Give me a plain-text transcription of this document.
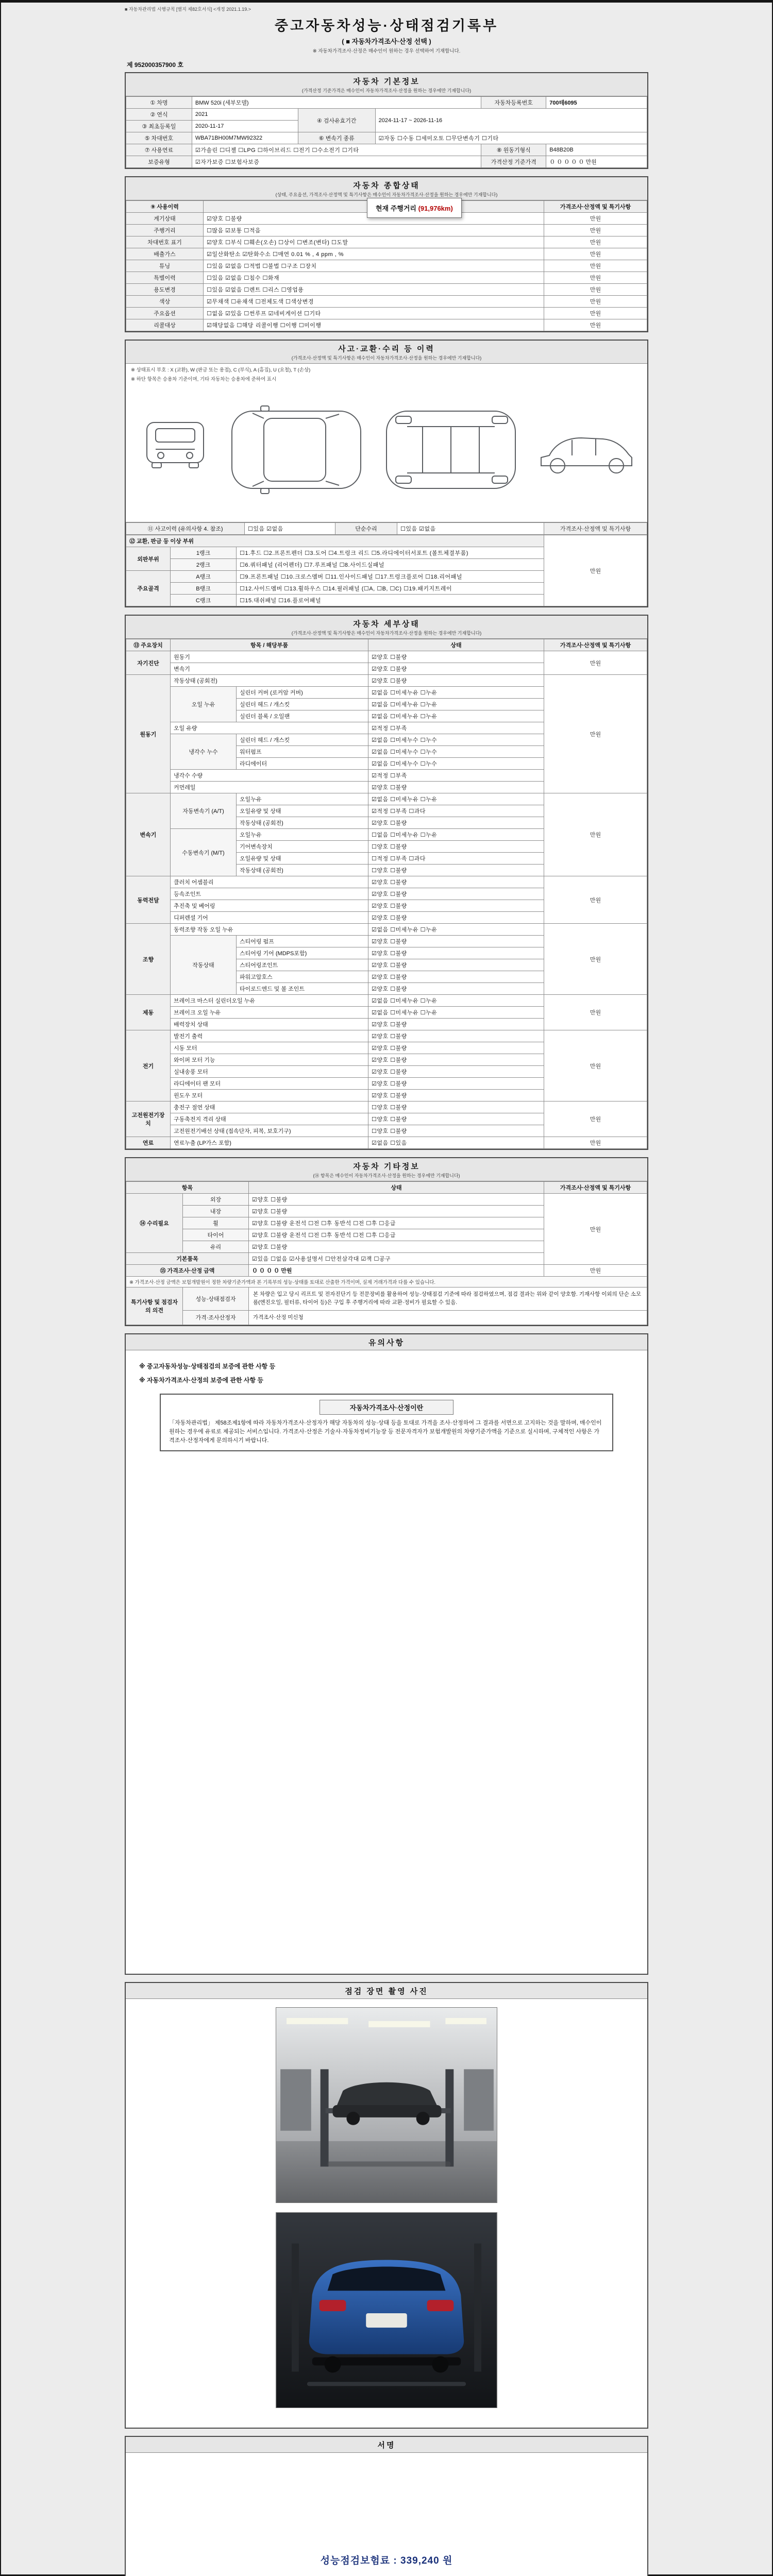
■ 자동차관리법 시행규칙 [별지 제82호서식] <개정 2021.1.19.>
중고자동차성능·상태점검기록부
( ■ 자동차가격조사·산정 선택 )
※ 자동차가격조사·산정은 매수인이 원하는 경우 선택하여 기재합니다.
제 952000357900 호
자동차 기본정보
(가격산정 기준가격은 매수인이 자동차가격조사·산정을 원하는 경우에만 기재합니다)
① 차명	BMW 520i (세부모델)			자동차등록번호	700테6095
② 연식	2021	④ 검사유효기간	2024-11-17 ~ 2026-11-16		
③ 최초등록일	2020-11-17				
⑤ 차대번호	WBA71BH00M7MW92322	⑥ 변속기 종류	☑자동 ☐수동 ☐세미오토 ☐무단변속기 ☐기타		
⑦ 사용연료	☑가솔린 ☐디젤 ☐LPG ☐하이브리드 ☐전기 ☐수소전기 ☐기타			⑧ 원동기형식	B48B20B
보증유형	☑자가보증 ☐보험사보증			가격산정 기준가격	０ ０ ０ ０ ０ 만원
자동차 종합상태
(상태, 주요옵션, 가격조사·산정액 및 특기사항은 매수인이 자동차가격조사·산정을 원하는 경우에만 기재합니다)
현재 주행거리 (91,976km)
⑨ 사용이력		가격조사·산정액 및 특기사항
계기상태	☑양호 ☐불량	만원
주행거리	☐많음 ☑보통 ☐적음	만원
차대번호 표기	☑양호 ☐부식 ☐훼손(오손) ☐상이 ☐변조(변타) ☐도말	만원
배출가스	☑일산화탄소 ☑탄화수소 ☐매연 0.01 % , 4 ppm , %	만원
튜닝	☐있음 ☑없음 ☐적법 ☐불법 ☐구조 ☐장치	만원
특별이력	☐있음 ☑없음 ☐침수 ☐화재	만원
용도변경	☐있음 ☑없음 ☐렌트 ☐리스 ☐영업용	만원
색상	☑무채색 ☐유채색 ☐전체도색 ☐색상변경	만원
주요옵션	☐없음 ☑있음 ☐썬루프 ☑네비게이션 ☐기타	만원
리콜대상	☑해당없음 ☐해당 리콜이행 ☐이행 ☐미이행	만원
사고·교환·수리 등 이력
(가격조사·산정액 및 특기사항은 매수인이 자동차가격조사·산정을 원하는 경우에만 기재합니다)
※ 상태표시 부호 : X (교환), W (판금 또는 용접), C (부식), A (흠집), U (요철), T (손상)
※ 하단 항목은 승용차 기준이며, 기타 자동차는 승용차에 준하여 표시
⑪ 사고이력 (유의사항 4. 참조)	☐있음 ☑없음	단순수리	☐있음 ☑없음	가격조사·산정액 및 특기사항
⑫ 교환, 판금 등 이상 부위			만원
외판부위	1랭크	☐1.후드 ☐2.프론트펜더 ☐3.도어 ☐4.트렁크 리드 ☐5.라디에이터서포트 (볼트체결부품)	
	2랭크	☐6.쿼터패널 (리어펜더) ☐7.루프패널 ☐8.사이드실패널	
주요골격	A랭크	☐9.프론트패널 ☐10.크로스멤버 ☐11.인사이드패널 ☐17.트렁크플로어 ☐18.리어패널	
	B랭크	☐12.사이드멤버 ☐13.휠하우스 ☐14.필러패널 (☐A, ☐B, ☐C) ☐19.패키지트레이	
	C랭크	☐15.대쉬패널 ☐16.플로어패널	
자동차 세부상태
(가격조사·산정액 및 특기사항은 매수인이 자동차가격조사·산정을 원하는 경우에만 기재합니다)
⑬ 주요장치	항목 / 해당부품		상태	가격조사·산정액 및 특기사항
자기진단	원동기		☑양호 ☐불량	만원
	변속기		☑양호 ☐불량	
원동기	작동상태 (공회전)		☑양호 ☐불량	만원
	오일 누유	실린더 커버 (로커암 커버)	☑없음 ☐미세누유 ☐누유	
		실린더 헤드 / 개스킷	☑없음 ☐미세누유 ☐누유	
		실린더 블록 / 오일팬	☑없음 ☐미세누유 ☐누유	
	오일 유량		☑적정 ☐부족	
	냉각수 누수	실린더 헤드 / 개스킷	☑없음 ☐미세누수 ☐누수	
		워터펌프	☑없음 ☐미세누수 ☐누수	
		라디에이터	☑없음 ☐미세누수 ☐누수	
	냉각수 수량		☑적정 ☐부족	
	커먼레일		☑양호 ☐불량	
변속기	자동변속기 (A/T)	오일누유	☑없음 ☐미세누유 ☐누유	만원
		오일유량 및 상태	☑적정 ☐부족 ☐과다	
		작동상태 (공회전)	☑양호 ☐불량	
	수동변속기 (M/T)	오일누유	☐없음 ☐미세누유 ☐누유	
		기어변속장치	☐양호 ☐불량	
		오일유량 및 상태	☐적정 ☐부족 ☐과다	
		작동상태 (공회전)	☐양호 ☐불량	
동력전달	클러치 어셈블리		☑양호 ☐불량	만원
	등속조인트		☑양호 ☐불량	
	추진축 및 베어링		☑양호 ☐불량	
	디퍼렌셜 기어		☑양호 ☐불량	
조향	동력조향 작동 오일 누유		☑없음 ☐미세누유 ☐누유	만원
	작동상태	스티어링 펌프	☑양호 ☐불량	
		스티어링 기어 (MDPS포함)	☑양호 ☐불량	
		스티어링조인트	☑양호 ☐불량	
		파워고압호스	☑양호 ☐불량	
		타이로드엔드 및 볼 조인트	☑양호 ☐불량	
제동	브레이크 마스터 실린더오일 누유		☑없음 ☐미세누유 ☐누유	만원
	브레이크 오일 누유		☑없음 ☐미세누유 ☐누유	
	배력장치 상태		☑양호 ☐불량	
전기	발전기 출력		☑양호 ☐불량	만원
	시동 모터		☑양호 ☐불량	
	와이퍼 모터 기능		☑양호 ☐불량	
	실내송풍 모터		☑양호 ☐불량	
	라디에이터 팬 모터		☑양호 ☐불량	
	윈도우 모터		☑양호 ☐불량	
고전원전기장치	충전구 절연 상태		☐양호 ☐불량	만원
	구동축전지 격리 상태		☐양호 ☐불량	
	고전원전기배선 상태 (접속단자, 피복, 보호기구)		☐양호 ☐불량	
연료	연료누출 (LP가스 포함)		☑없음 ☐있음	만원
자동차 기타정보
(⑭ 항목은 매수인이 자동차가격조사·산정을 원하는 경우에만 기재합니다)
항목		상태	가격조사·산정액 및 특기사항
⑭ 수리필요	외장	☑양호 ☐불량	만원
	내장	☑양호 ☐불량	
	휠	☑양호 ☐불량 운전석 ☐전 ☐후 동반석 ☐전 ☐후 ☐응급	
	타이어	☑양호 ☐불량 운전석 ☐전 ☐후 동반석 ☐전 ☐후 ☐응급	
	유리	☑양호 ☐불량	
기본품목		☑있음 ☐없음 ☑사용설명서 ☐안전삼각대 ☑잭 ☐공구	
⑮ 가격조사·산정 금액		０ ０ ０ ０ 만원	만원
※ 가격조사·산정 금액은 보험개발원이 정한 차량기준가액과 본 기록부의 성능·상태를 토대로 산출한 가격이며, 실제 거래가격과 다를 수 있습니다.			
특기사항 및 점검자의 의견	성능·상태점검자	본 차량은 입고 당시 리프트 및 전자진단기 등 전문장비를 활용하여 성능·상태점검 기준에 따라 점검하였으며, 점검 결과는 위와 같이 양호함. 기재사항 이외의 단순 소모품(엔진오일, 필터류, 타이어 등)은 구입 후 주행거리에 따라 교환·정비가 필요할 수 있음.	
	가격·조사산정자	가격조사·산정 미신청	
유의사항
※ 중고자동차성능·상태점검의 보증에 관한 사항 등

※ 자동차가격조사·산정의 보증에 관한 사항 등

자동차가격조사·산정이란
「자동차관리법」 제58조제1항에 따라 자동차가격조사·산정자가 해당 자동차의 성능·상태 등을 토대로 가격을 조사·산정하여 그 결과를 서면으로 고지하는 것을 말하며, 매수인이 원하는 경우에 유료로 제공되는 서비스입니다. 가격조사·산정은 기술사·자동차정비기능장 등 전문자격자가 보험개발원의 차량기준가액을 기준으로 실시하며, 구체적인 사항은 가격조사·산정자에게 문의하시기 바랍니다.
점검 장면 촬영 사진
서명
성능점검보험료 : 339,240 원
